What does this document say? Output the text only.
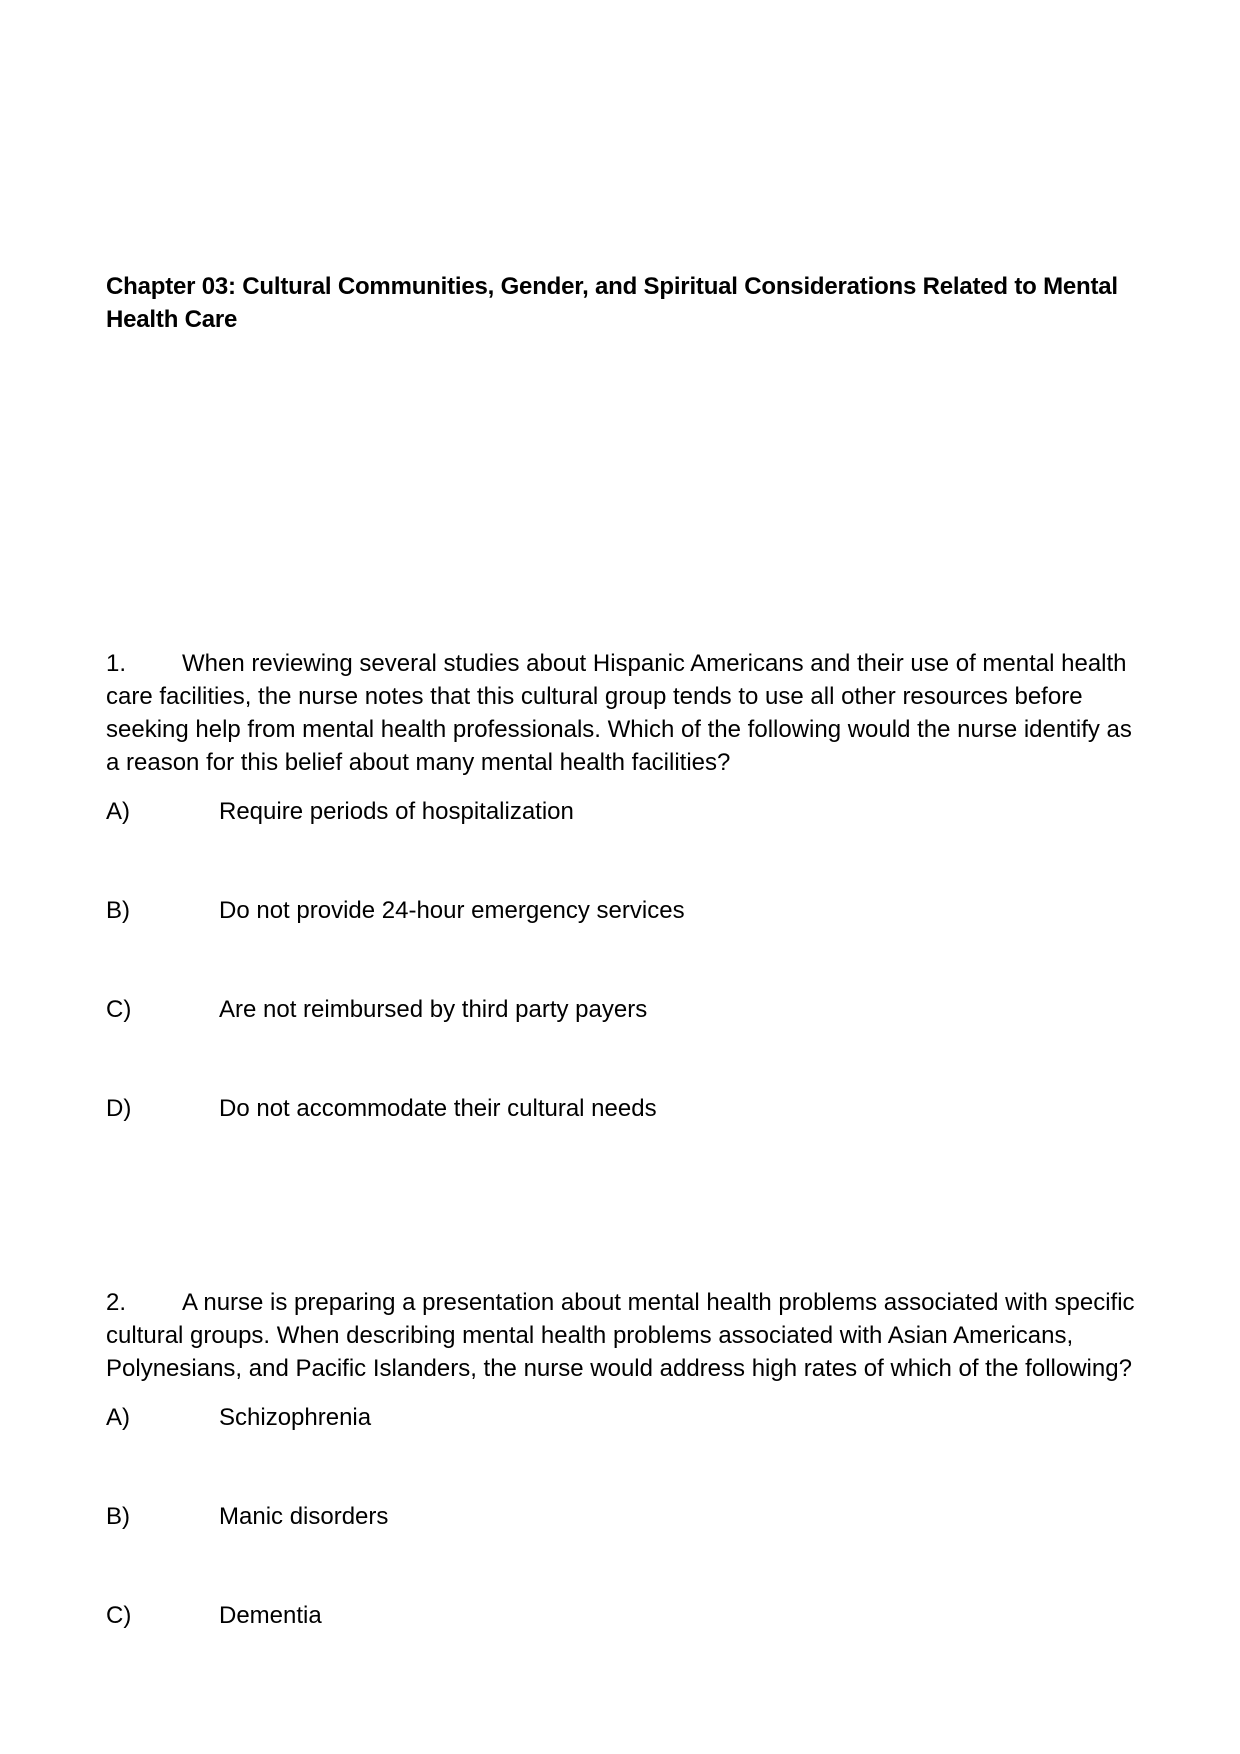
Chapter 03: Cultural Communities, Gender, and Spiritual Considerations Related to Mental Health Care

1. When reviewing several studies about Hispanic Americans and their use of mental health care facilities, the nurse notes that this cultural group tends to use all other resources before seeking help from mental health professionals. Which of the following would the nurse identify as a reason for this belief about many mental health facilities?

A)	Require periods of hospitalization
B)	Do not provide 24-hour emergency services
C)	Are not reimbursed by third party payers
D)	Do not accommodate their cultural needs

2. A nurse is preparing a presentation about mental health problems associated with specific cultural groups. When describing mental health problems associated with Asian Americans, Polynesians, and Pacific Islanders, the nurse would address high rates of which of the following?

A)	Schizophrenia
B)	Manic disorders
C)	Dementia
